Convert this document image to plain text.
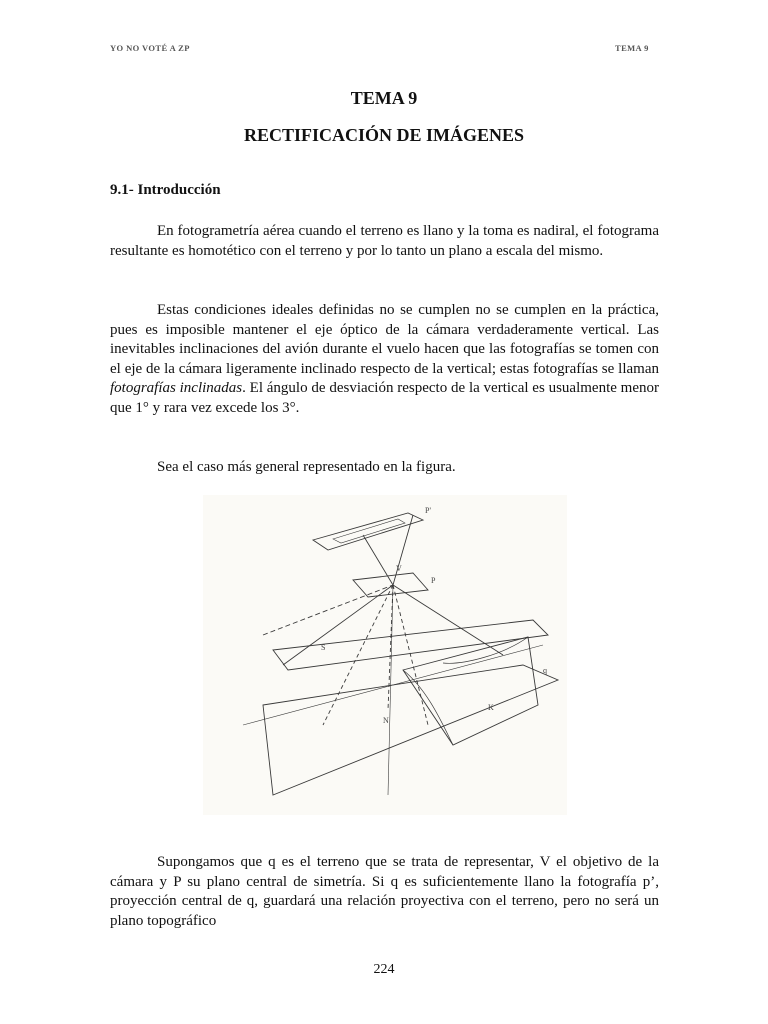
YO NO VOTÉ A ZP	TEMA 9
TEMA 9
RECTIFICACIÓN DE IMÁGENES
9.1- Introducción

En fotogrametría aérea cuando el terreno es llano y la toma es nadiral, el fotograma resultante es homotético con el terreno y por lo tanto un plano a escala del mismo.

Estas condiciones ideales definidas no se cumplen no se cumplen en la práctica, pues es imposible mantener el eje óptico de la cámara verdaderamente vertical. Las inevitables inclinaciones del avión durante el vuelo hacen que las fotografías se tomen con el eje de la cámara ligeramente inclinado respecto de la vertical; estas fotografías se llaman fotografías inclinadas. El ángulo de desviación respecto de la vertical es usualmente menor que 1° y rara vez excede los 3°.

Sea el caso más general representado en la figura.

P'
P
V
q
N
S
K

Supongamos que q es el terreno que se trata de representar, V el objetivo de la cámara y P su plano central de simetría. Si q es suficientemente llano la fotografía p’, proyección central de q, guardará una relación proyectiva con el terreno, pero no será un plano topográfico

224
